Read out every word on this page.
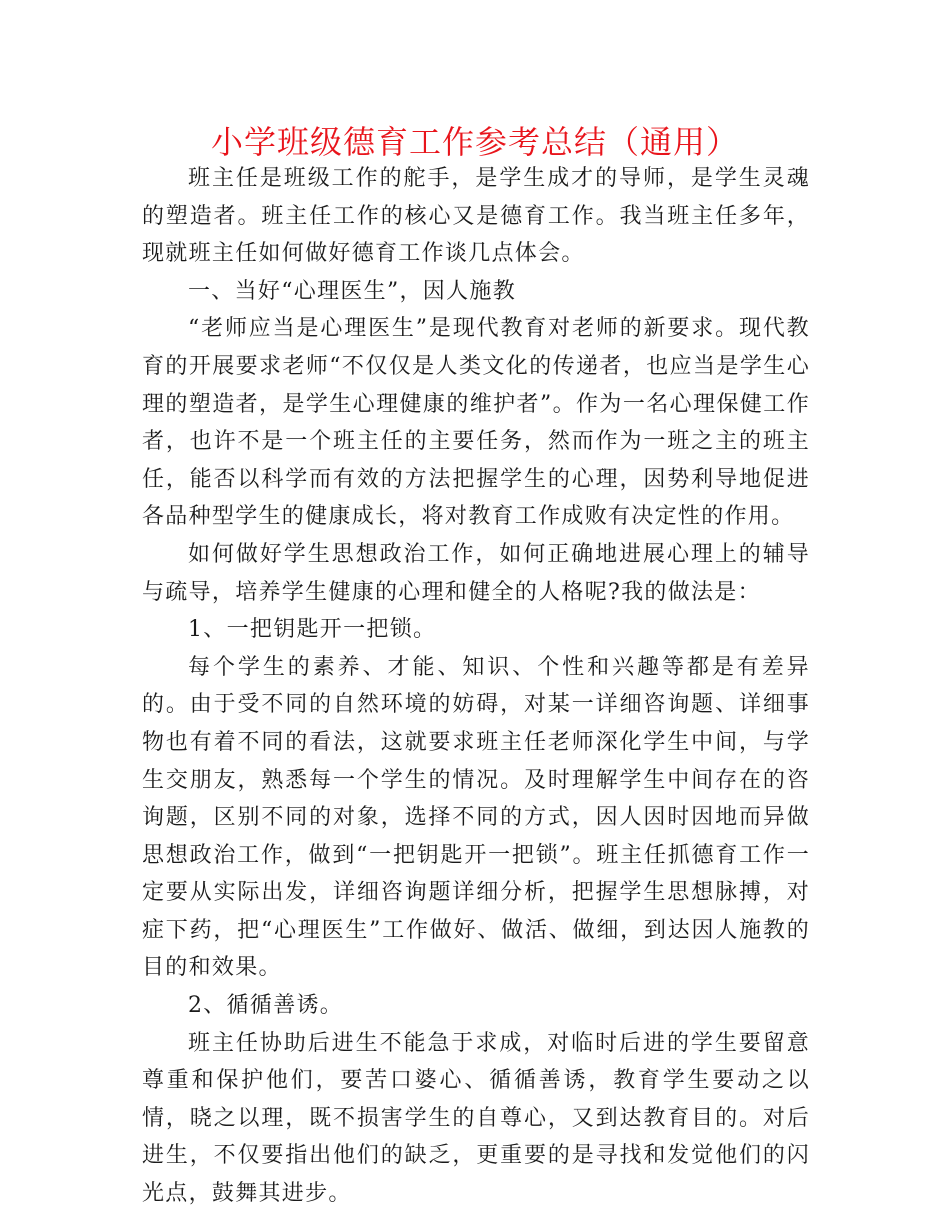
小学班级德育工作参考总结（通用）

班主任是班级工作的舵手，是学生成才的导师，是学生灵魂的塑造者。班主任工作的核心又是德育工作。我当班主任多年，现就班主任如何做好德育工作谈几点体会。

一、当好“心理医生”，因人施教

“老师应当是心理医生”是现代教育对老师的新要求。现代教育的开展要求老师“不仅仅是人类文化的传递者，也应当是学生心理的塑造者，是学生心理健康的维护者”。作为一名心理保健工作者，也许不是一个班主任的主要任务，然而作为一班之主的班主任，能否以科学而有效的方法把握学生的心理，因势利导地促进各品种型学生的健康成长，将对教育工作成败有决定性的作用。

如何做好学生思想政治工作，如何正确地进展心理上的辅导与疏导，培养学生健康的心理和健全的人格呢?我的做法是：

1、一把钥匙开一把锁。

每个学生的素养、才能、知识、个性和兴趣等都是有差异的。由于受不同的自然环境的妨碍，对某一详细咨询题、详细事物也有着不同的看法，这就要求班主任老师深化学生中间，与学生交朋友，熟悉每一个学生的情况。及时理解学生中间存在的咨询题，区别不同的对象，选择不同的方式，因人因时因地而异做思想政治工作，做到“一把钥匙开一把锁”。班主任抓德育工作一定要从实际出发，详细咨询题详细分析，把握学生思想脉搏，对症下药，把“心理医生”工作做好、做活、做细，到达因人施教的目的和效果。

2、循循善诱。

班主任协助后进生不能急于求成，对临时后进的学生要留意尊重和保护他们，要苦口婆心、循循善诱，教育学生要动之以情，晓之以理，既不损害学生的自尊心，又到达教育目的。对后进生，不仅要指出他们的缺乏，更重要的是寻找和发觉他们的闪光点，鼓舞其进步。
